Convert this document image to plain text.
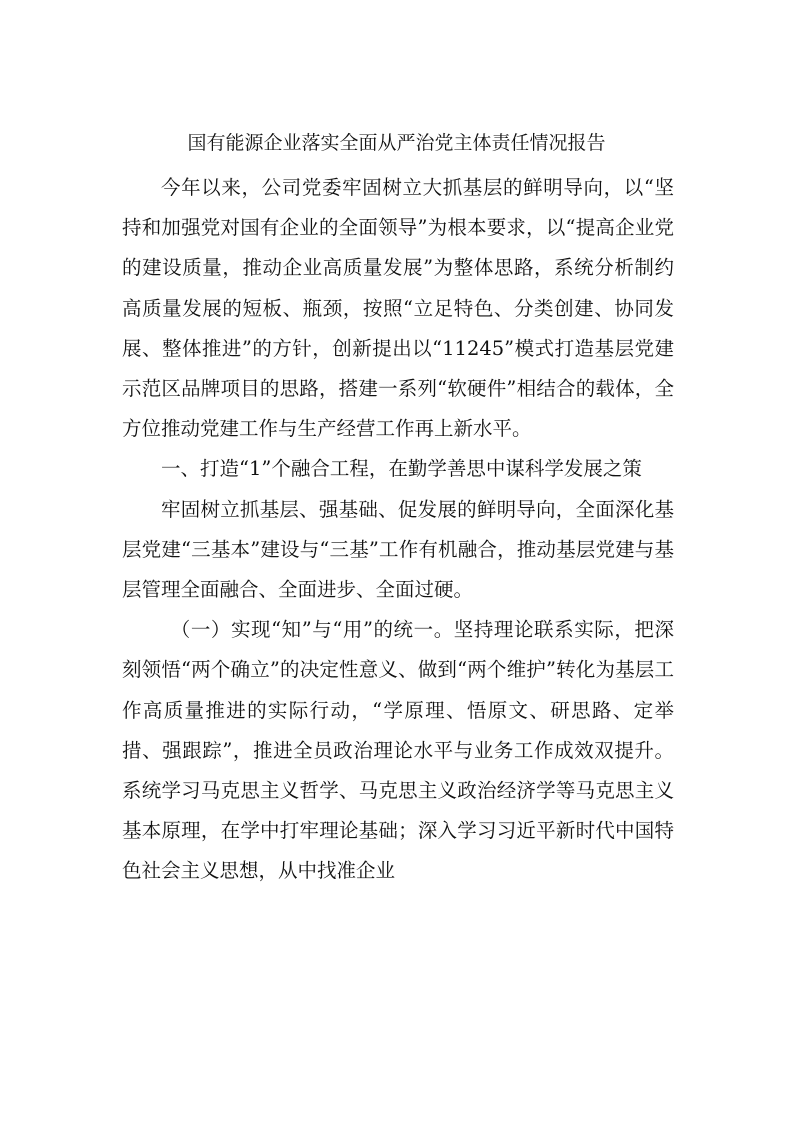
国有能源企业落实全面从严治党主体责任情况报告

今年以来，公司党委牢固树立大抓基层的鲜明导向，以“坚持和加强党对国有企业的全面领导”为根本要求，以“提高企业党的建设质量，推动企业高质量发展”为整体思路，系统分析制约高质量发展的短板、瓶颈，按照“立足特色、分类创建、协同发展、整体推进”的方针，创新提出以“11245”模式打造基层党建示范区品牌项目的思路，搭建一系列“软硬件”相结合的载体，全方位推动党建工作与生产经营工作再上新水平。

一、打造“1”个融合工程，在勤学善思中谋科学发展之策

牢固树立抓基层、强基础、促发展的鲜明导向，全面深化基层党建“三基本”建设与“三基”工作有机融合，推动基层党建与基层管理全面融合、全面进步、全面过硬。

（一）实现“知”与“用”的统一。坚持理论联系实际，把深刻领悟“两个确立”的决定性意义、做到“两个维护”转化为基层工作高质量推进的实际行动，“学原理、悟原文、研思路、定举措、强跟踪”，推进全员政治理论水平与业务工作成效双提升。系统学习马克思主义哲学、马克思主义政治经济学等马克思主义基本原理，在学中打牢理论基础；深入学习习近平新时代中国特色社会主义思想，从中找准企业
